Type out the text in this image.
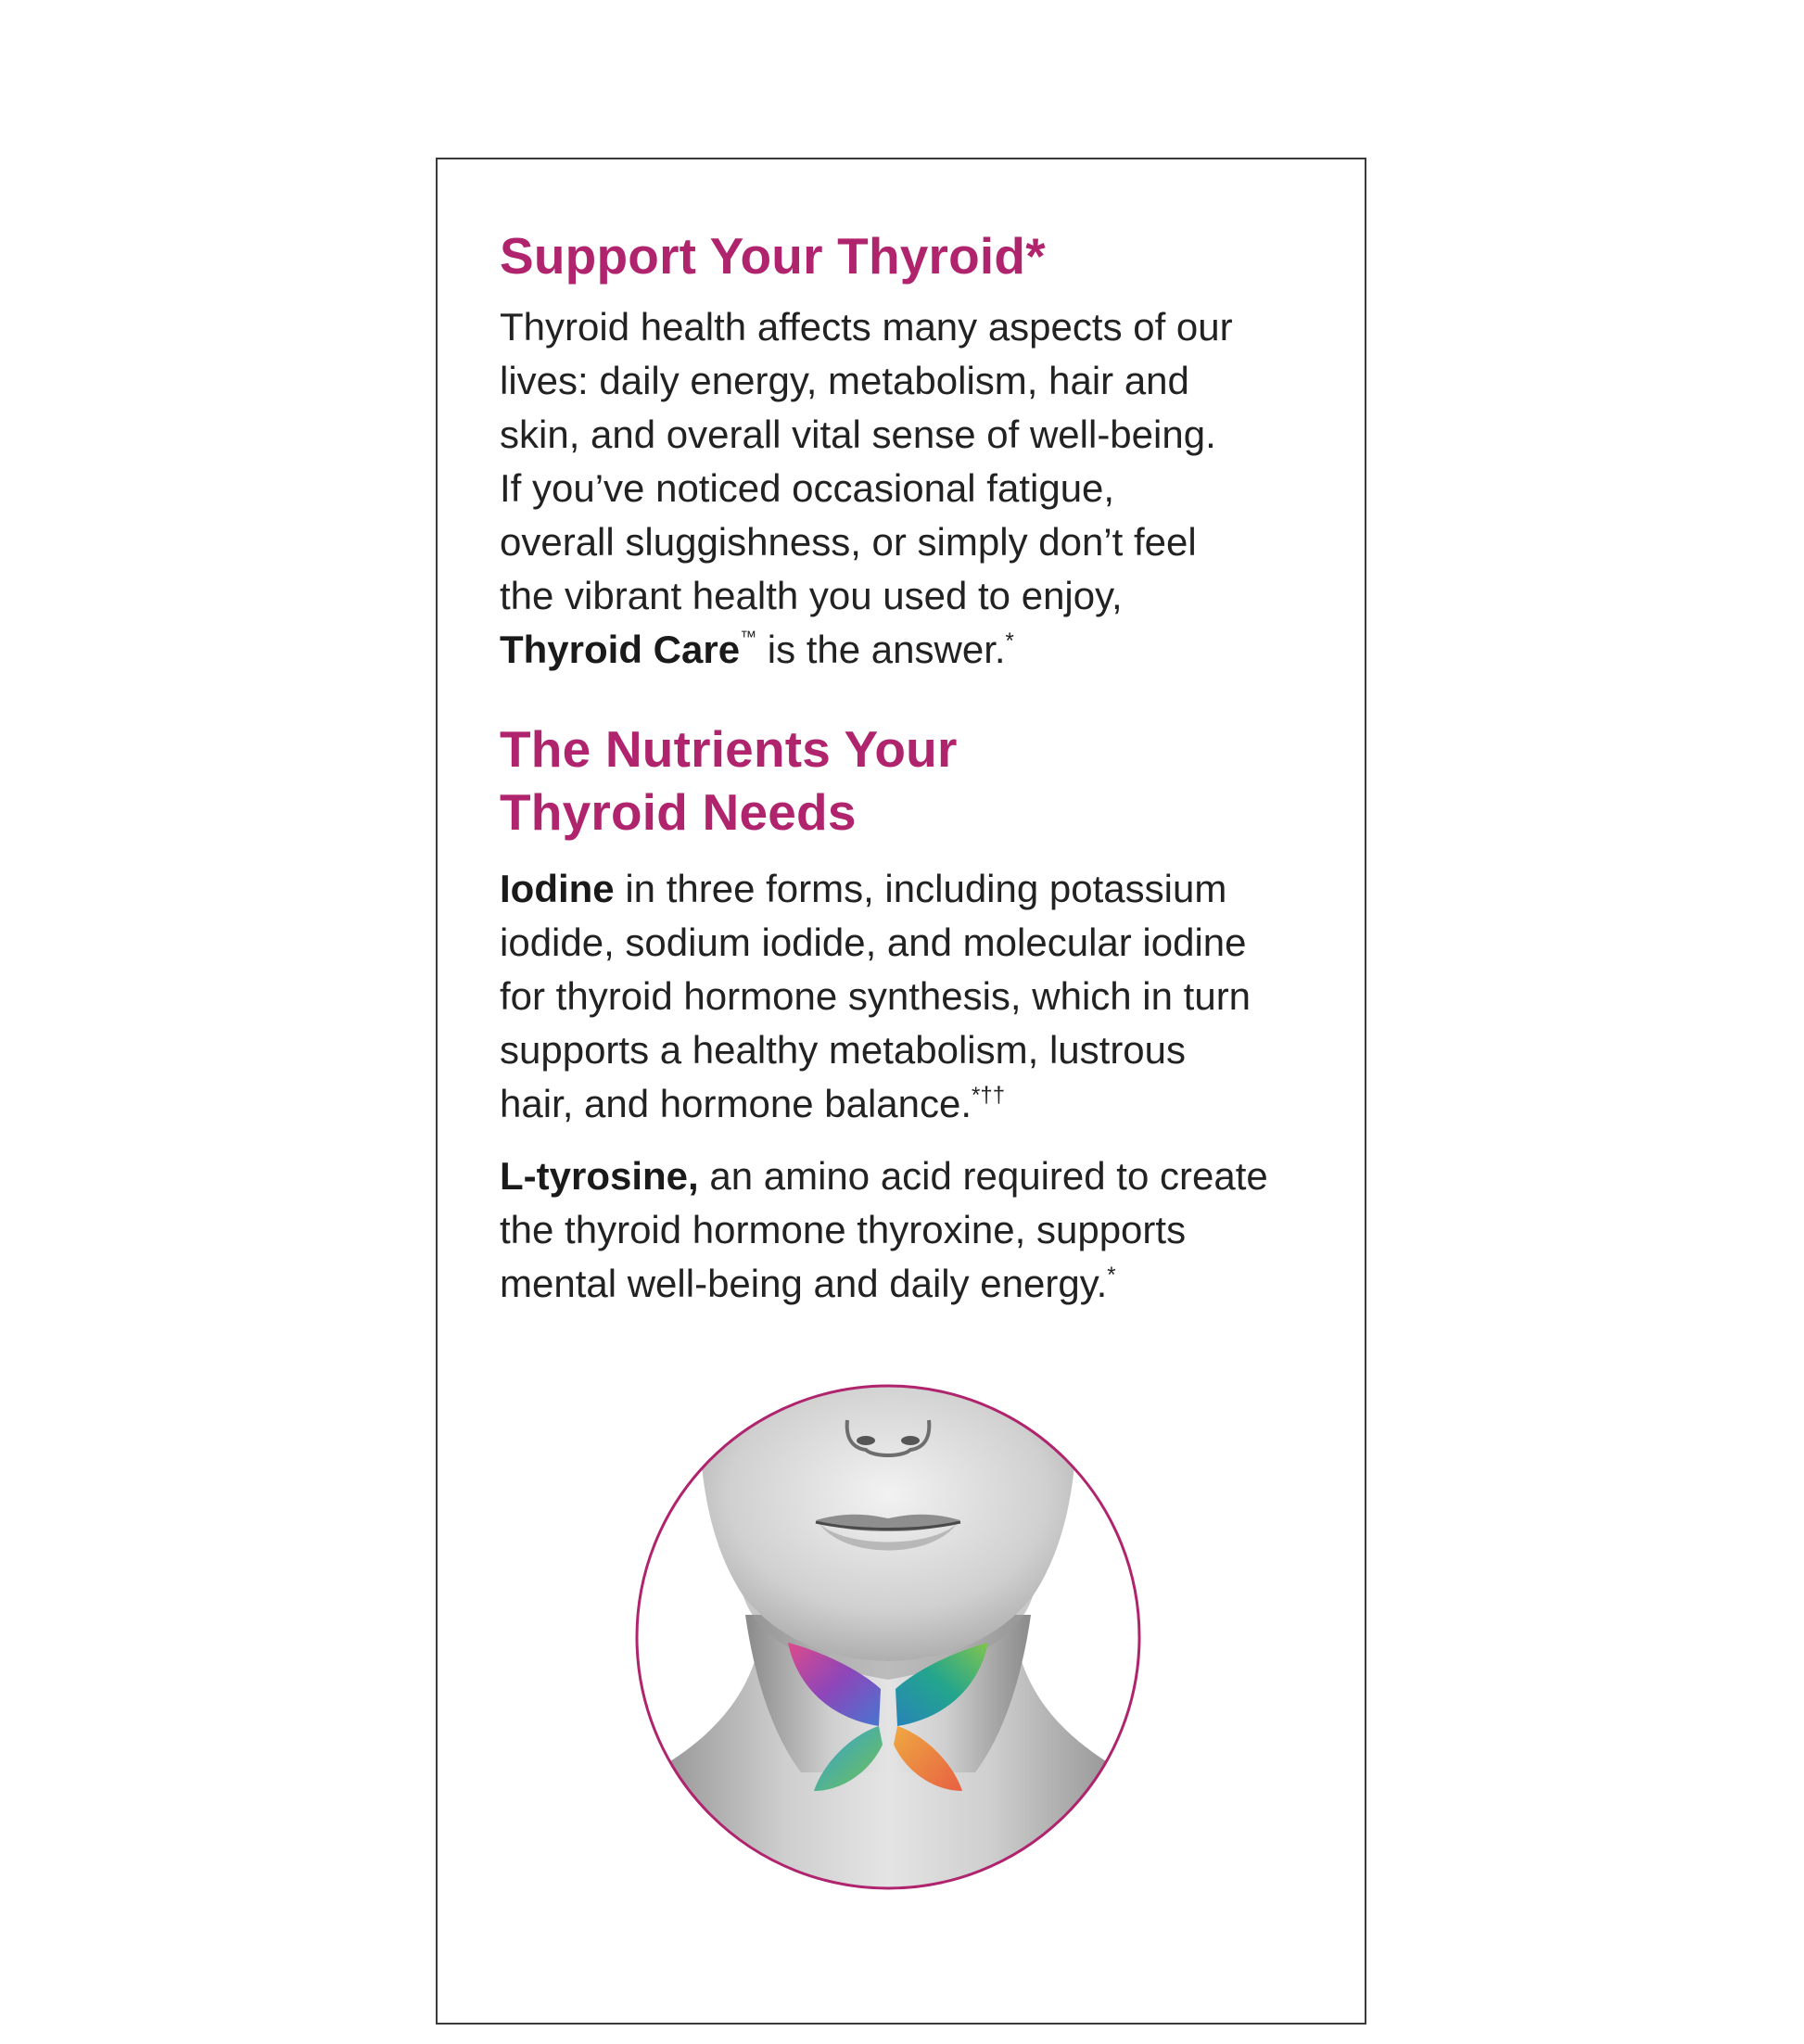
Support Your Thyroid*

Thyroid health affects many aspects of our
lives: daily energy, metabolism, hair and
skin, and overall vital sense of well-being.
If you’ve noticed occasional fatigue,
overall sluggishness, or simply don’t feel
the vibrant health you used to enjoy,
Thyroid Care™ is the answer.*

The Nutrients Your
Thyroid Needs

Iodine in three forms, including potassium
iodide, sodium iodide, and molecular iodine
for thyroid hormone synthesis, which in turn
supports a healthy metabolism, lustrous
hair, and hormone balance.*††

L-tyrosine, an amino acid required to create
the thyroid hormone thyroxine, supports
mental well-being and daily energy.*
